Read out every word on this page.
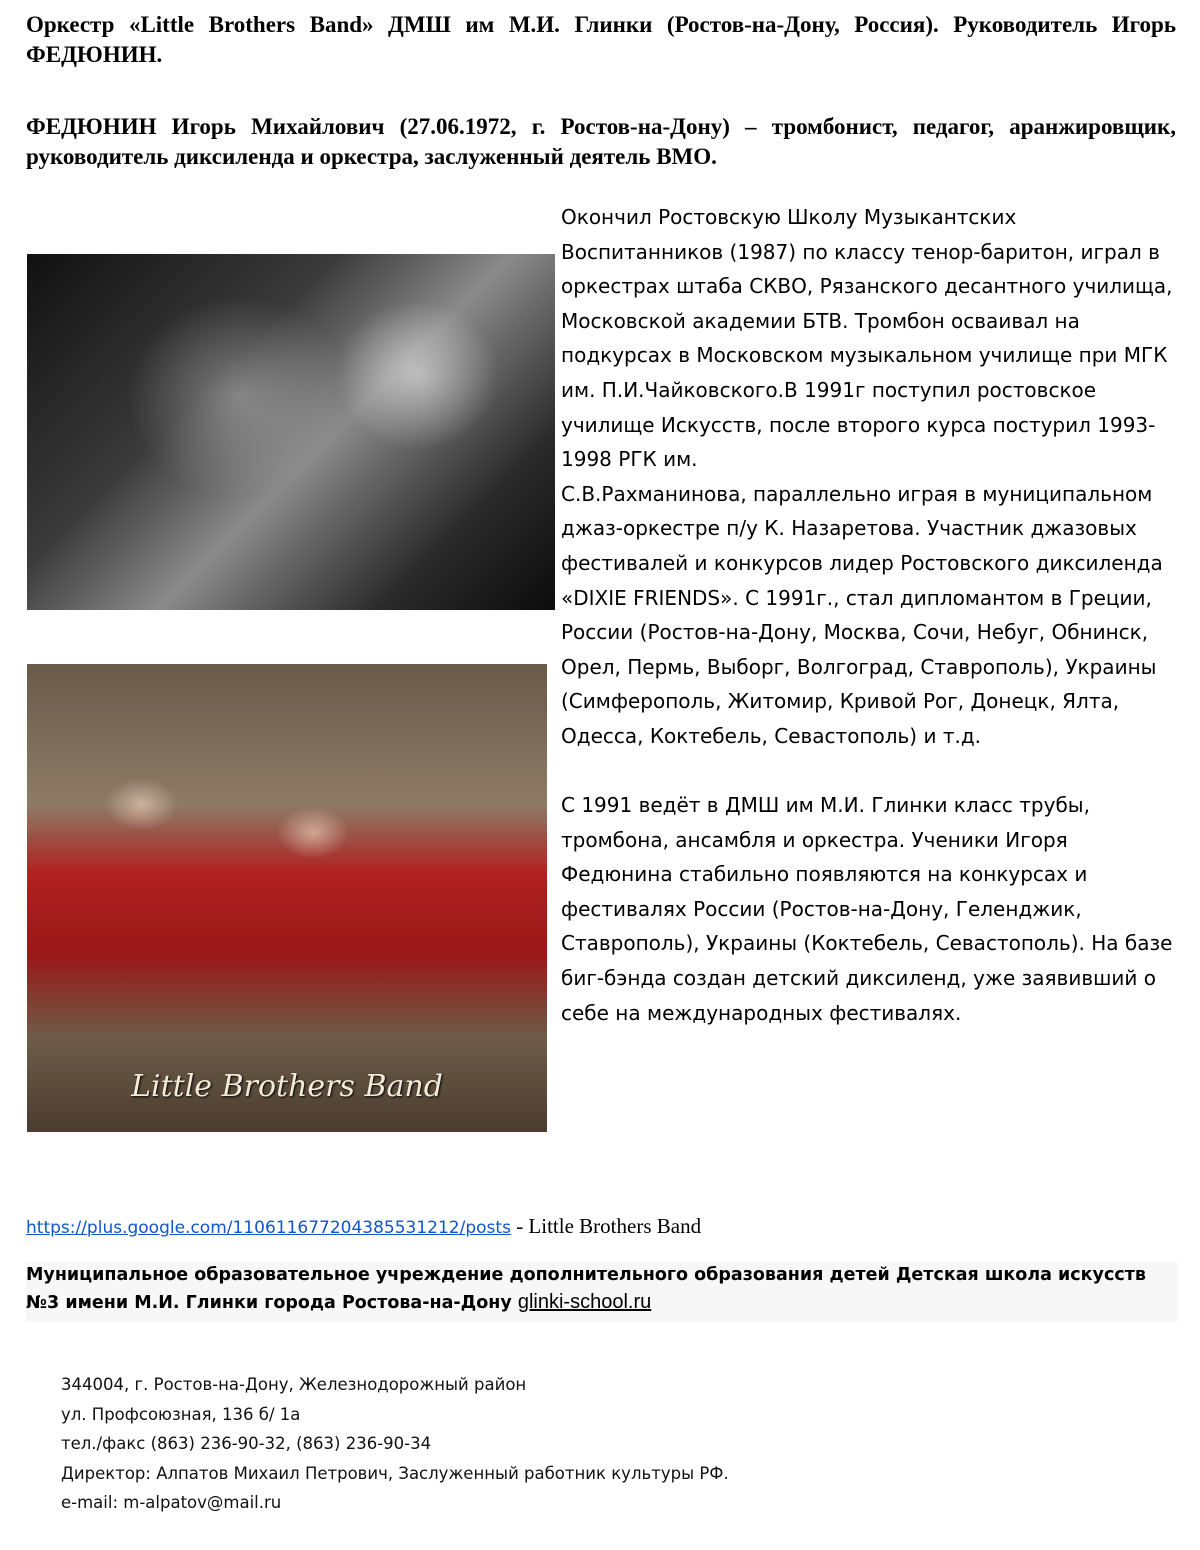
Оркестр «Little Brothers Band» ДМШ им М.И. Глинки (Ростов-на-Дону, Россия). Руководитель Игорь ФЕДЮНИН.
ФЕДЮНИН Игорь Михайлович (27.06.1972, г. Ростов-на-Дону) – тромбонист, педагог, аранжировщик, руководитель диксиленда и оркестра, заслуженный деятель ВМО.
Little Brothers Band
Окончил Ростовскую Школу Музыкантских Воспитанников (1987) по классу тенор-баритон, играл в оркестрах штаба СКВО, Рязанского десантного училища, Московской академии БТВ. Тромбон осваивал на подкурсах в Московском музыкальном училище при МГК им. П.И.Чайковского.В 1991г поступил ростовское училище Искусств, после второго курса постурил 1993- 1998 РГК им.
С.В.Рахманинова, параллельно играя в муниципальном джаз-оркестре п/у К. Назаретова. Участник джазовых фестивалей и конкурсов лидер Ростовского диксиленда «DIXIE FRIENDS». С 1991г., стал дипломантом в Греции, России (Ростов-на-Дону, Москва, Сочи, Небуг, Обнинск, Орел, Пермь, Выборг, Волгоград, Ставрополь), Украины (Симферополь, Житомир, Кривой Рог, Донецк, Ялта, Одесса, Коктебель, Севастополь) и т.д.

С 1991 ведёт в ДМШ им М.И. Глинки класс трубы, тромбона, ансамбля и оркестра. Ученики Игоря Федюнина стабильно появляются на конкурсах и фестивалях России (Ростов-на-Дону, Геленджик, Ставрополь), Украины (Коктебель, Севастополь). На базе биг-бэнда создан детский диксиленд, уже заявивший о себе на международных фестивалях.
https://plus.google.com/110611677204385531212/posts - Little Brothers Band
Муниципальное образовательное учреждение дополнительного образования детей Детская школа искусств №3 имени М.И. Глинки города Ростова-на-Дону glinki-school.ru
344004, г. Ростов-на-Дону, Железнодорожный район
ул. Профсоюзная, 136 б/ 1а
тел./факс (863) 236-90-32, (863) 236-90-34
Директор: Алпатов Михаил Петрович, Заслуженный работник культуры РФ.
e-mail: m-alpatov@mail.ru
